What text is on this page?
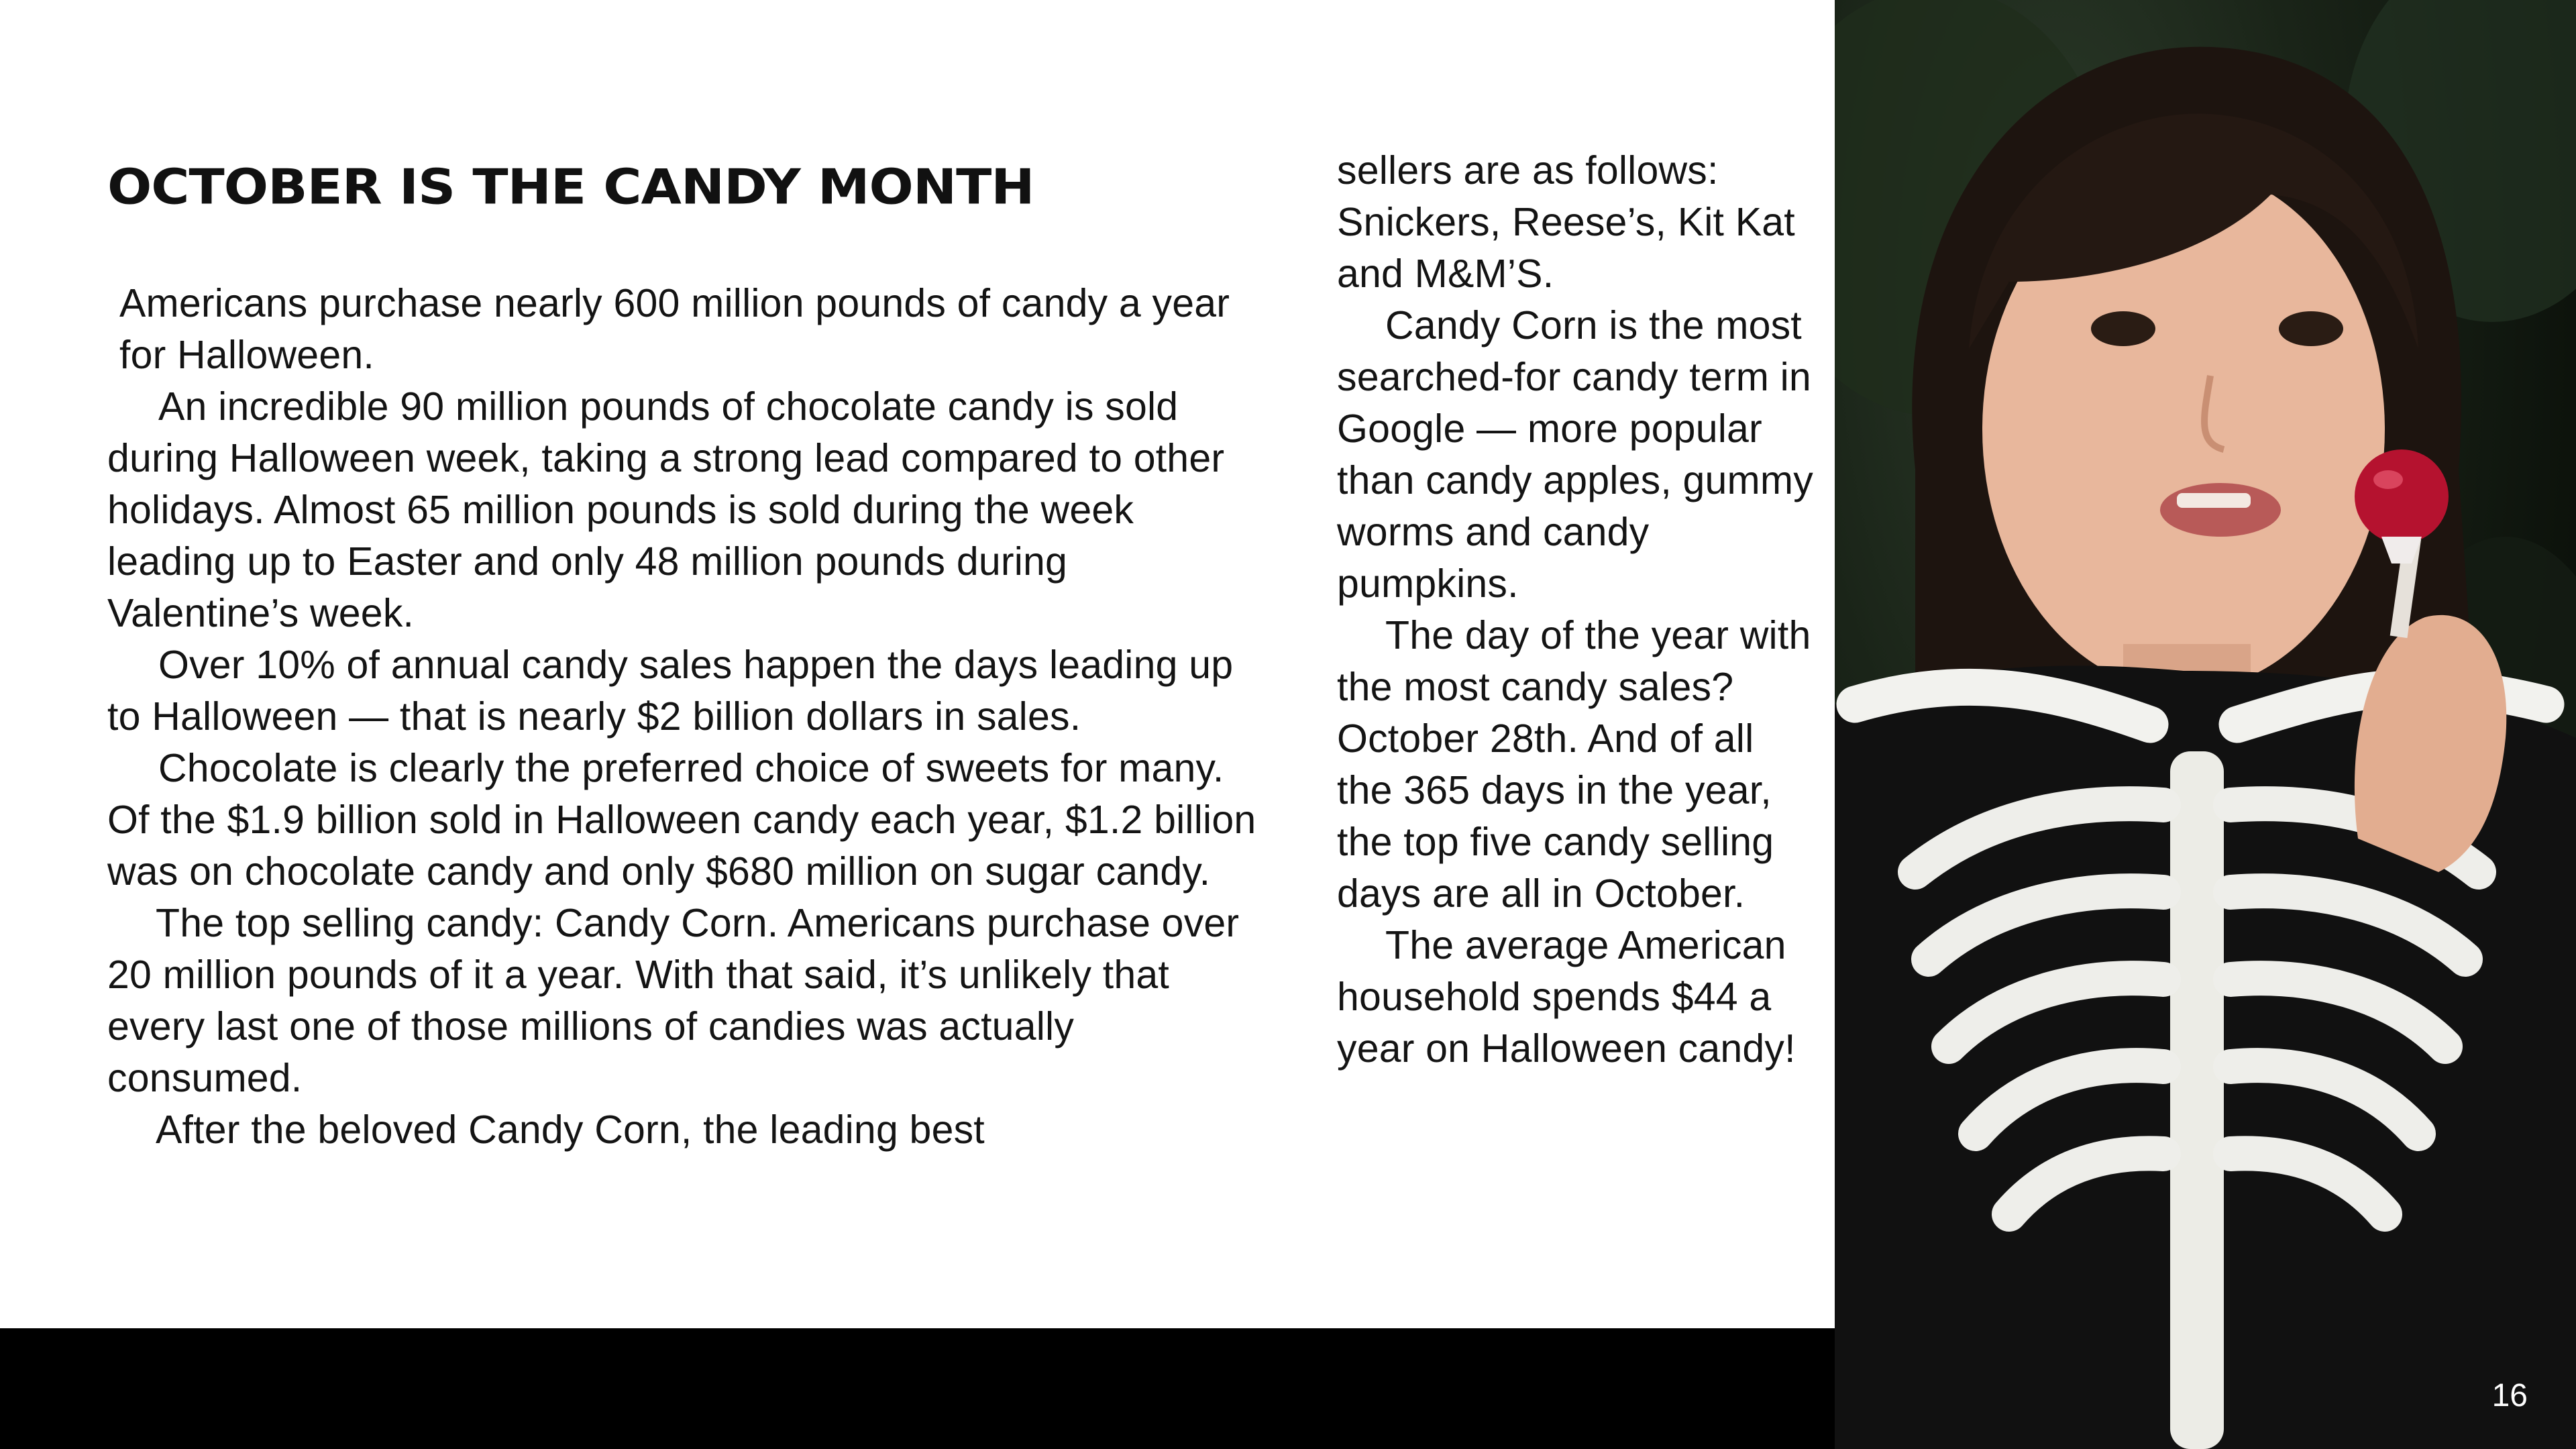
OCTOBER IS THE CANDY MONTH

Americans purchase nearly 600 million pounds of candy a year for Halloween.

An incredible 90 million pounds of chocolate candy is sold during Halloween week, taking a strong lead compared to other holidays. Almost 65 million pounds is sold during the week leading up to Easter and only 48 million pounds during Valentine’s week.

Over 10% of annual candy sales happen the days leading up to Halloween — that is nearly $2 billion dollars in sales.

Chocolate is clearly the preferred choice of sweets for many. Of the $1.9 billion sold in Halloween candy each year, $1.2 billion was on chocolate candy and only $680 million on sugar candy.

The top selling candy: Candy Corn. Americans purchase over 20 million pounds of it a year. With that said, it’s unlikely that every last one of those millions of candies was actually consumed.

After the beloved Candy Corn, the leading best

sellers are as follows: Snickers, Reese’s, Kit Kat and M&M’S.

Candy Corn is the most searched-for candy term in Google — more popular than candy apples, gummy worms and candy pumpkins.

The day of the year with the most candy sales? October 28th. And of all the 365 days in the year, the top five candy selling days are all in October.

The average American household spends $44 a year on Halloween candy!

16
